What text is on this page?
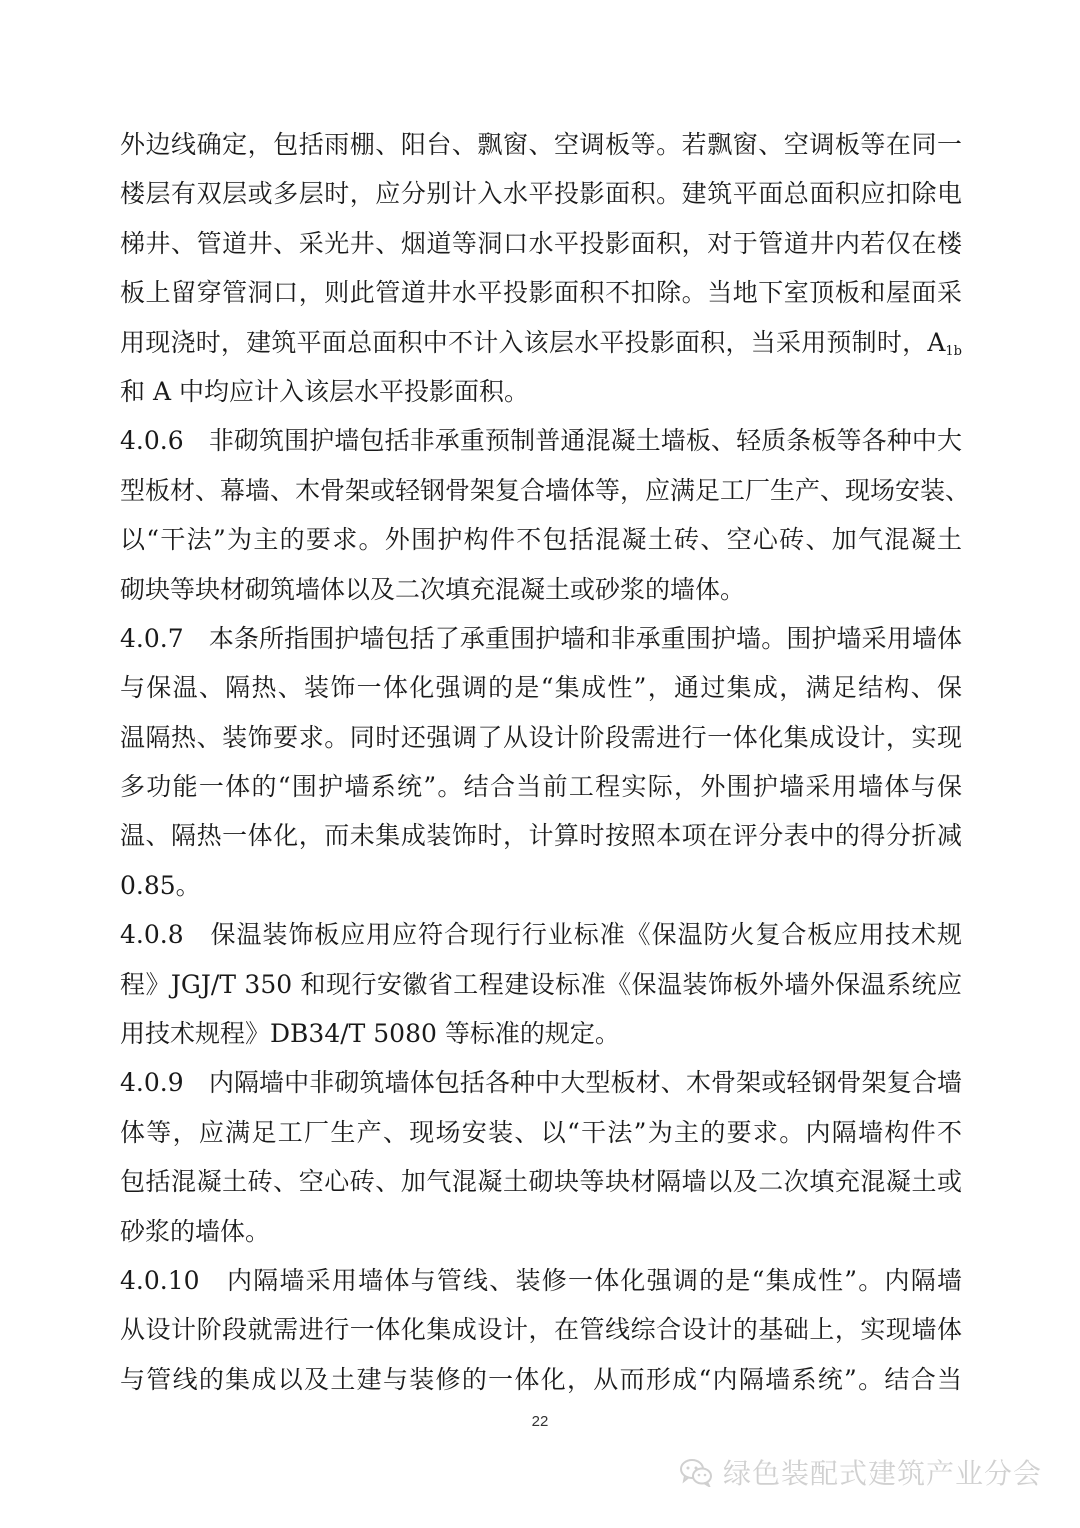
外边线确定，包括雨棚、阳台、飘窗、空调板等。若飘窗、空调板等在同一
楼层有双层或多层时，应分别计入水平投影面积。建筑平面总面积应扣除电
梯井、管道井、采光井、烟道等洞口水平投影面积，对于管道井内若仅在楼
板上留穿管洞口，则此管道井水平投影面积不扣除。当地下室顶板和屋面采
用现浇时，建筑平面总面积中不计入该层水平投影面积，当采用预制时，$A_{1b}$
和 A 中均应计入该层水平投影面积。
4.0.6　非砌筑围护墙包括非承重预制普通混凝土墙板、轻质条板等各种中大
型板材、幕墙、木骨架或轻钢骨架复合墙体等，应满足工厂生产、现场安装、
以“干法”为主的要求。外围护构件不包括混凝土砖、空心砖、加气混凝土
砌块等块材砌筑墙体以及二次填充混凝土或砂浆的墙体。
4.0.7　本条所指围护墙包括了承重围护墙和非承重围护墙。围护墙采用墙体
与保温、隔热、装饰一体化强调的是“集成性”，通过集成，满足结构、保
温隔热、装饰要求。同时还强调了从设计阶段需进行一体化集成设计，实现
多功能一体的“围护墙系统”。结合当前工程实际，外围护墙采用墙体与保
温、隔热一体化，而未集成装饰时，计算时按照本项在评分表中的得分折减
0.85。
4.0.8　保温装饰板应用应符合现行行业标准《保温防火复合板应用技术规
程》JGJ/T 350 和现行安徽省工程建设标准《保温装饰板外墙外保温系统应
用技术规程》DB34/T 5080 等标准的规定。
4.0.9　内隔墙中非砌筑墙体包括各种中大型板材、木骨架或轻钢骨架复合墙
体等，应满足工厂生产、现场安装、以“干法”为主的要求。内隔墙构件不
包括混凝土砖、空心砖、加气混凝土砌块等块材隔墙以及二次填充混凝土或
砂浆的墙体。
4.0.10　内隔墙采用墙体与管线、装修一体化强调的是“集成性”。内隔墙
从设计阶段就需进行一体化集成设计，在管线综合设计的基础上，实现墙体
与管线的集成以及土建与装修的一体化，从而形成“内隔墙系统”。结合当
22
绿色装配式建筑产业分会
